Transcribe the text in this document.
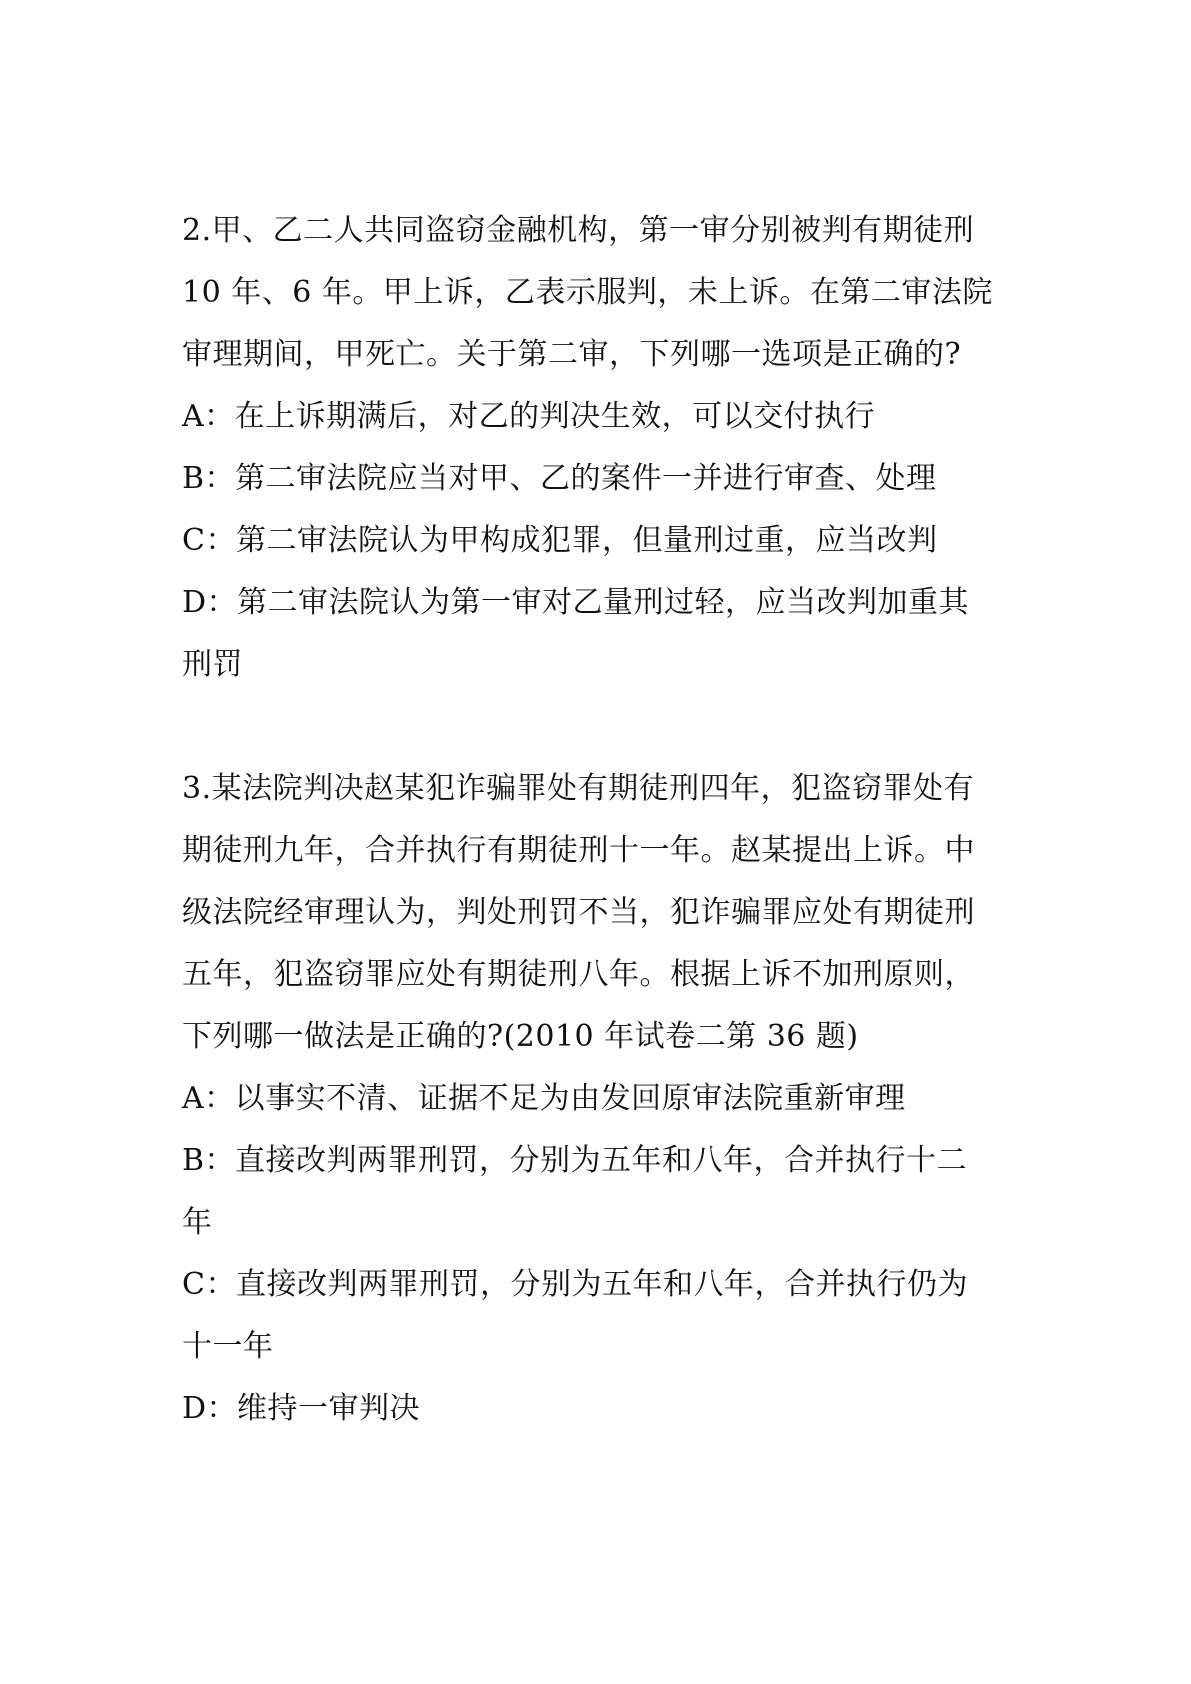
2.甲、乙二人共同盗窃金融机构，第一审分别被判有期徒刑
10 年、6 年。甲上诉，乙表示服判，未上诉。在第二审法院
审理期间，甲死亡。关于第二审，下列哪一选项是正确的?
A：在上诉期满后，对乙的判决生效，可以交付执行
B：第二审法院应当对甲、乙的案件一并进行审查、处理
C：第二审法院认为甲构成犯罪，但量刑过重，应当改判
D：第二审法院认为第一审对乙量刑过轻，应当改判加重其
刑罚
3.某法院判决赵某犯诈骗罪处有期徒刑四年，犯盗窃罪处有
期徒刑九年，合并执行有期徒刑十一年。赵某提出上诉。中
级法院经审理认为，判处刑罚不当，犯诈骗罪应处有期徒刑
五年，犯盗窃罪应处有期徒刑八年。根据上诉不加刑原则，
下列哪一做法是正确的?(2010 年试卷二第 36 题)
A：以事实不清、证据不足为由发回原审法院重新审理
B：直接改判两罪刑罚，分别为五年和八年，合并执行十二
年
C：直接改判两罪刑罚，分别为五年和八年，合并执行仍为
十一年
D：维持一审判决
